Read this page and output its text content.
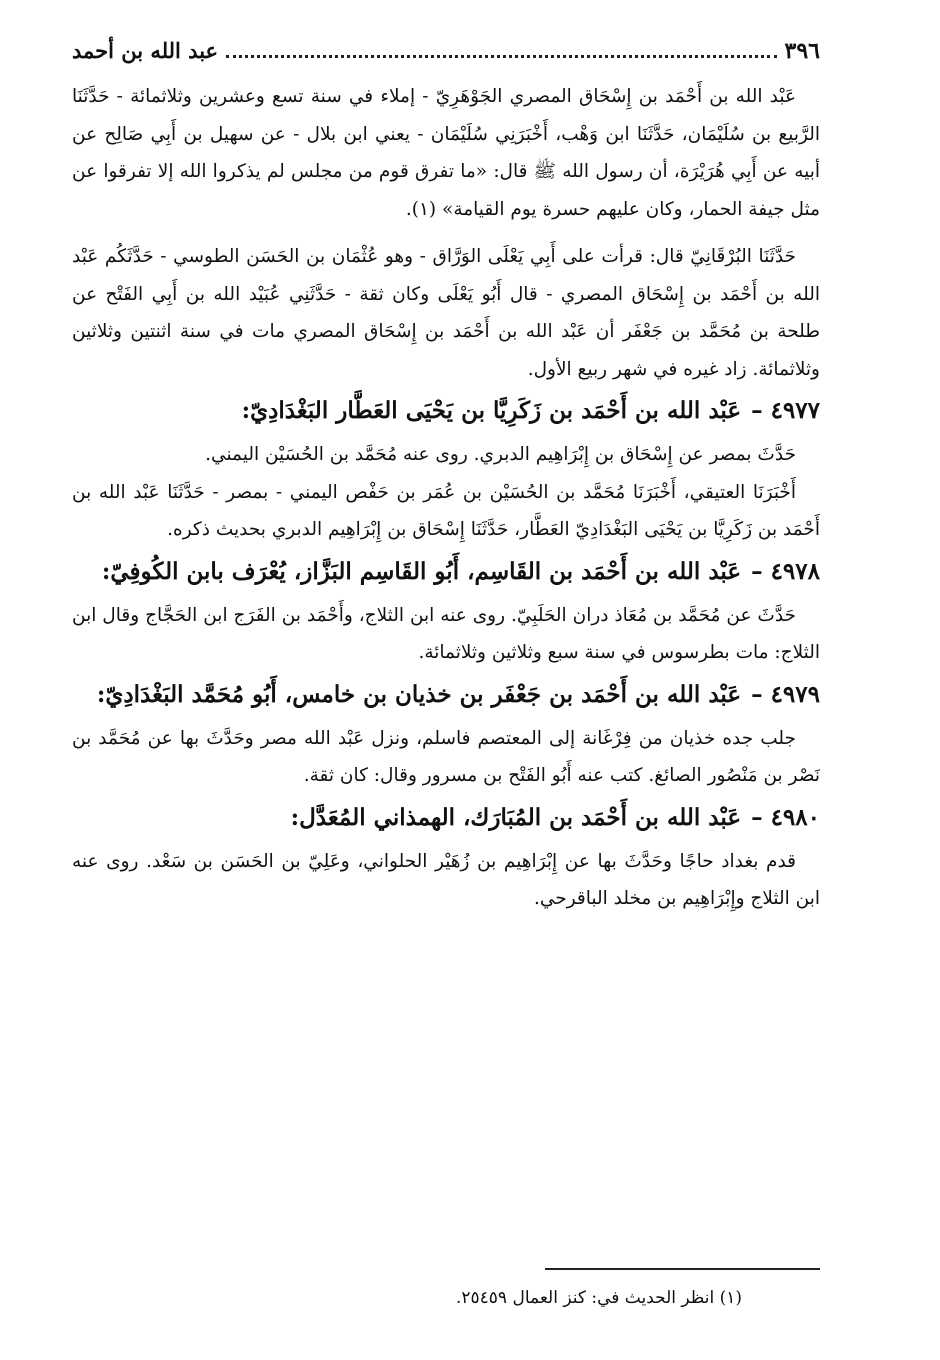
٣٩٦
عبد الله بن أحمد

عَبْد الله بن أَحْمَد بن إِسْحَاق المصري الجَوْهَرِيّ - إملاء في سنة تسع وعشرين وثلاثمائة - حَدَّثَنَا الرَّبيع بن سُلَيْمَان، حَدَّثَنَا ابن وَهْب، أَخْبَرَنِي سُلَيْمَان - يعني ابن بلال - عن سهيل بن أَبِي صَالِح عن أبيه عن أَبِي هُرَيْرَة، أن رسول الله ﷺ قال: «ما تفرق قوم من مجلس لم يذكروا الله إلا تفرقوا عن مثل جيفة الحمار، وكان عليهم حسرة يوم القيامة» (١).

حَدَّثَنَا البُرْقَانِيّ قال: قرأت على أَبِي يَعْلَى الوَرَّاق - وهو عُثْمَان بن الحَسَن الطوسي - حَدَّثَكُم عَبْد الله بن أَحْمَد بن إِسْحَاق المصري - قال أَبُو يَعْلَى وكان ثقة - حَدَّثَنِي عُبَيْد الله بن أَبِي الفَتْح عن طلحة بن مُحَمَّد بن جَعْفَر أن عَبْد الله بن أَحْمَد بن إِسْحَاق المصري مات في سنة اثنتين وثلاثين وثلاثمائة. زاد غيره في شهر ربيع الأول.

٤٩٧٧ –عَبْد الله بن أَحْمَد بن زَكَرِيَّا بن يَحْيَى العَطَّار البَغْدَادِيّ:

حَدَّثَ بمصر عن إِسْحَاق بن إِبْرَاهِيم الدبري. روى عنه مُحَمَّد بن الحُسَيْن اليمني.

أَخْبَرَنَا العتيقي، أَخْبَرَنَا مُحَمَّد بن الحُسَيْن بن عُمَر بن حَفْص اليمني - بمصر - حَدَّثَنَا عَبْد الله بن أَحْمَد بن زَكَرِيَّا بن يَحْيَى البَغْدَادِيّ العَطَّار، حَدَّثَنَا إِسْحَاق بن إِبْرَاهِيم الدبري بحديث ذكره.

٤٩٧٨ –عَبْد الله بن أَحْمَد بن القَاسِم، أَبُو القَاسِم البَزَّاز، يُعْرَف بابن الكُوفِيّ:

حَدَّثَ عن مُحَمَّد بن مُعَاذ دران الحَلَبِيّ. روى عنه ابن الثلاج، وأَحْمَد بن الفَرَج ابن الحَجَّاج وقال ابن الثلاج: مات بطرسوس في سنة سبع وثلاثين وثلاثمائة.

٤٩٧٩ –عَبْد الله بن أَحْمَد بن جَعْفَر بن خذيان بن خامس، أَبُو مُحَمَّد البَغْدَادِيّ:

جلب جده خذيان من فِرْغَانة إلى المعتصم فاسلم، ونزل عَبْد الله مصر وحَدَّثَ بها عن مُحَمَّد بن نَصْر بن مَنْصُور الصائغ. كتب عنه أَبُو الفَتْح بن مسرور وقال: كان ثقة.

٤٩٨٠ –عَبْد الله بن أَحْمَد بن المُبَارَك، الهمذاني المُعَدَّل:

قدم بغداد حاجًا وحَدَّثَ بها عن إِبْرَاهِيم بن زُهَيْر الحلواني، وعَلِيّ بن الحَسَن بن سَعْد. روى عنه ابن الثلاج وإِبْرَاهِيم بن مخلد الباقرحي.

(١) انظر الحديث في: كنز العمال ٢٥٤٥٩.
